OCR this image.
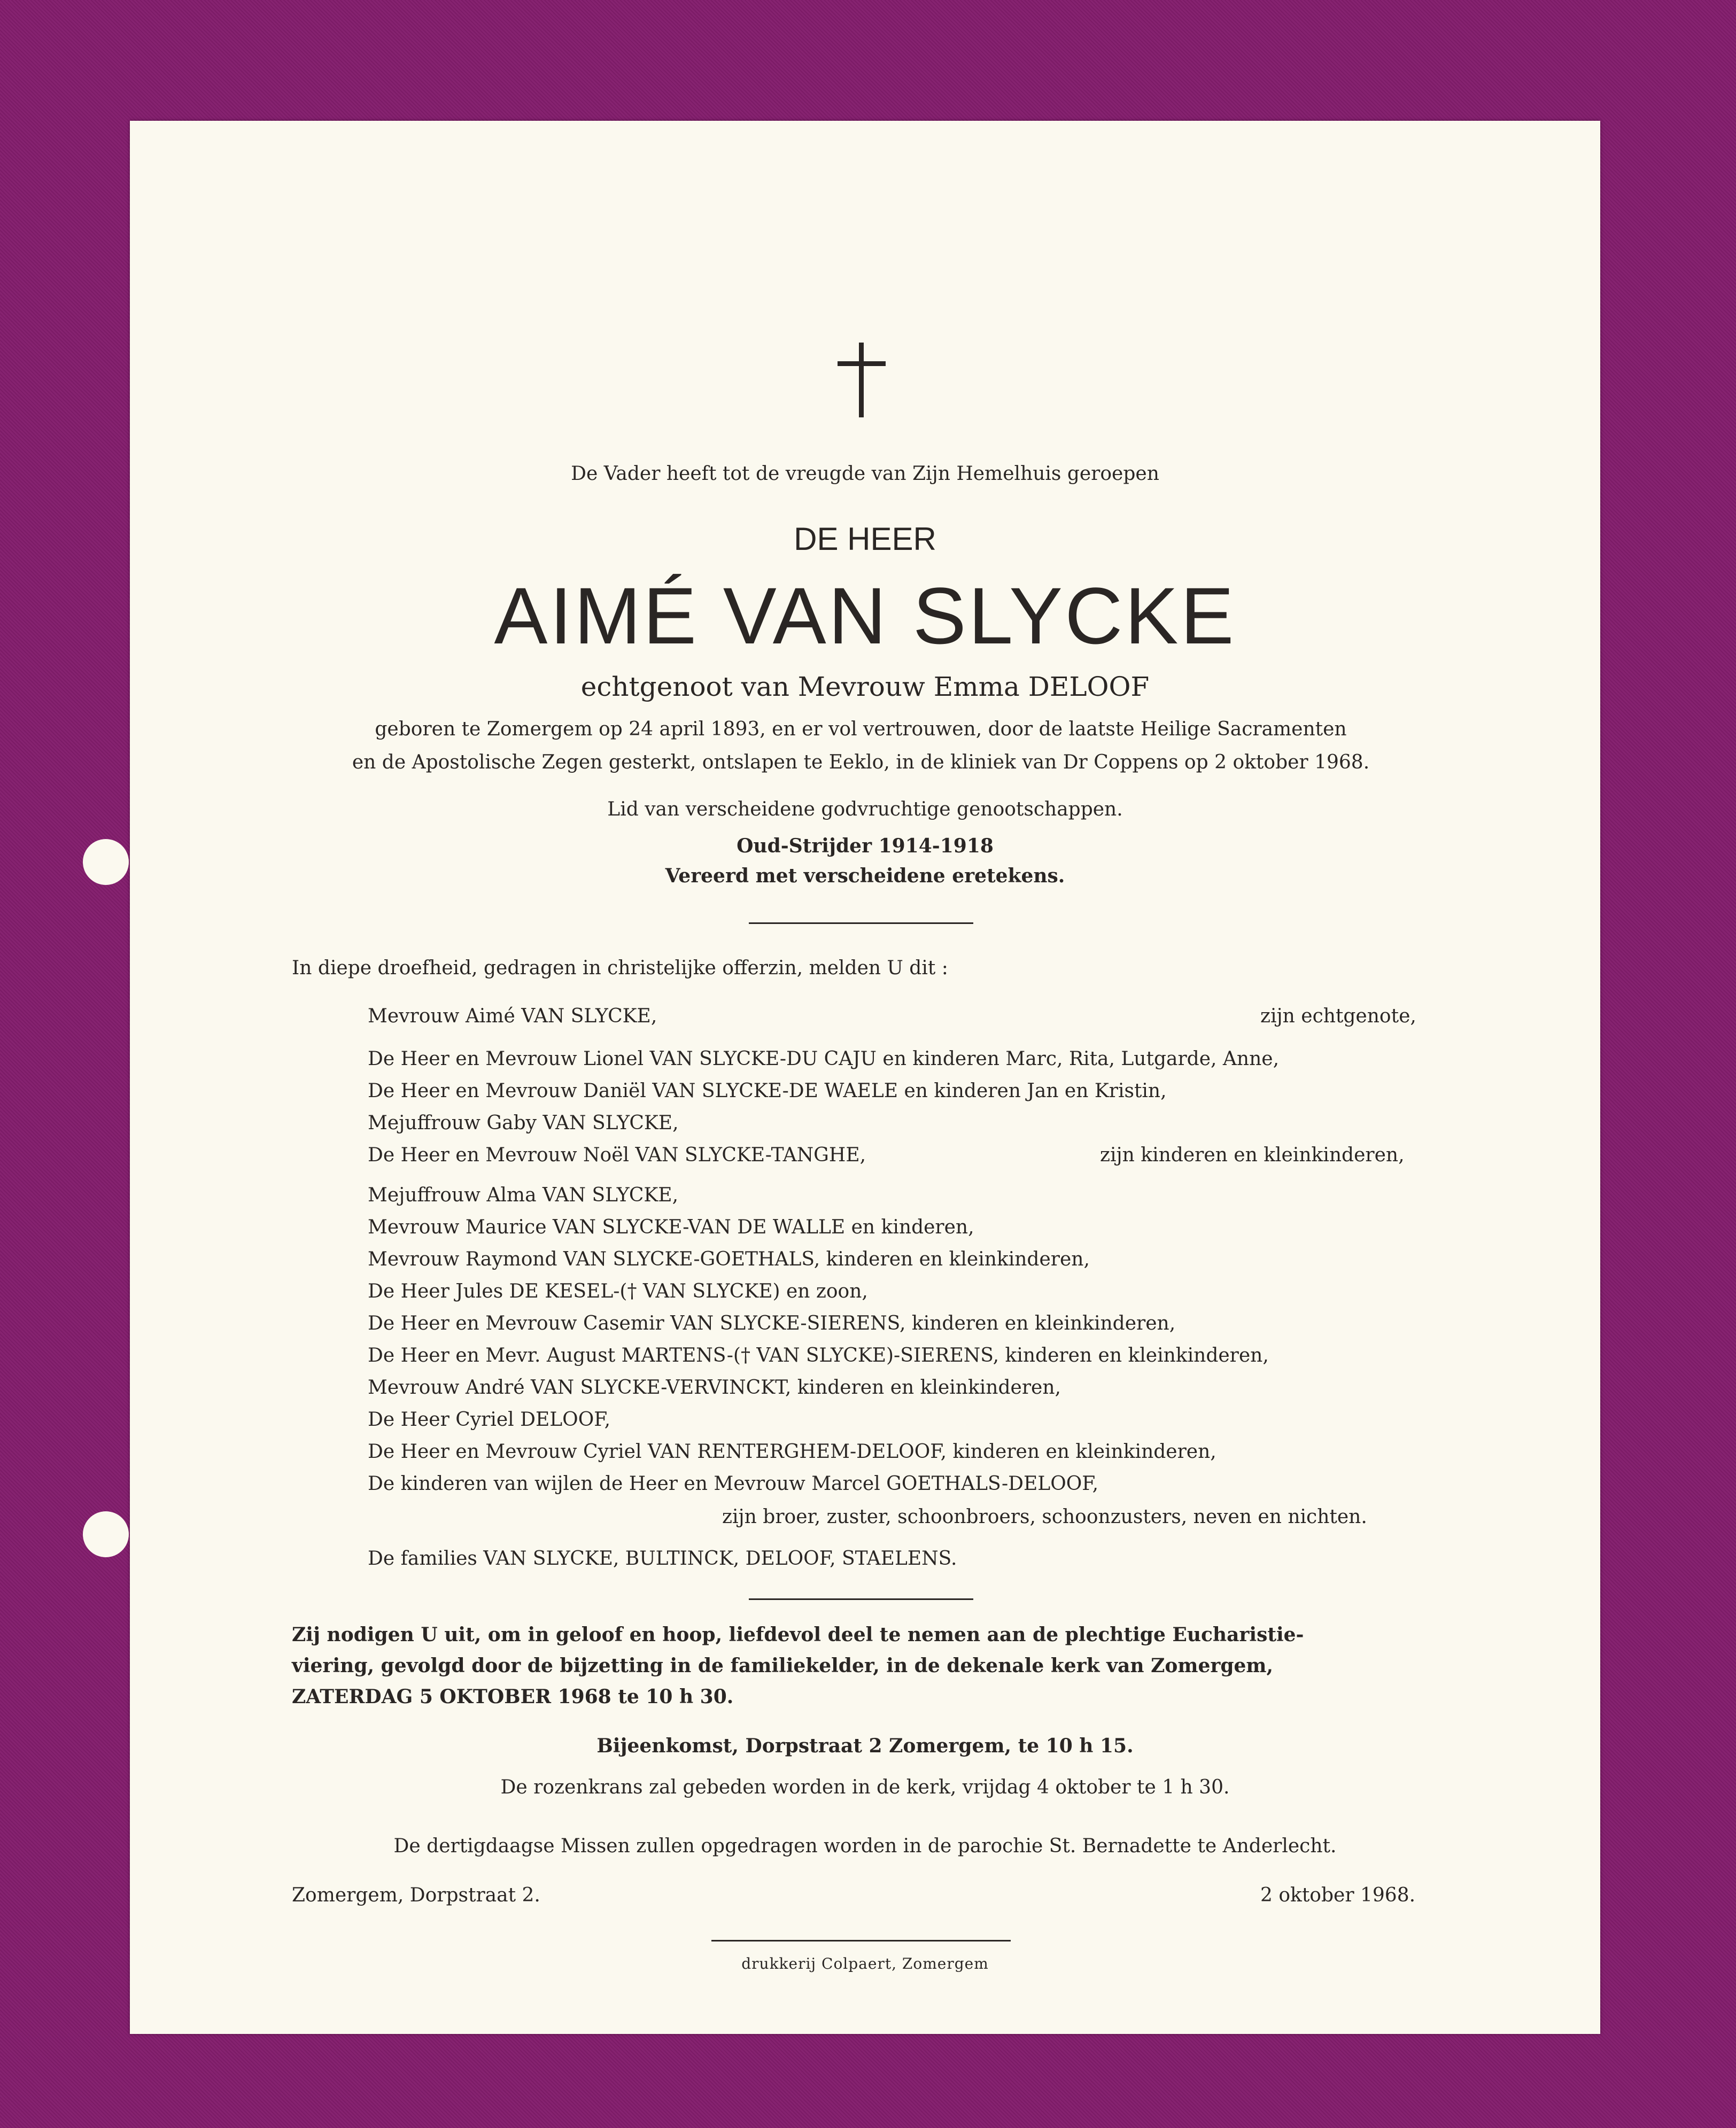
De Vader heeft tot de vreugde van Zijn Hemelhuis geroepen
DE HEER
AIMÉ VAN SLYCKE
echtgenoot van Mevrouw Emma DELOOF
geboren te Zomergem op 24 april 1893, en er vol vertrouwen, door de laatste Heilige Sacramenten
en de Apostolische Zegen gesterkt, ontslapen te Eeklo, in de kliniek van Dr Coppens op 2 oktober 1968.
Lid van verscheidene godvruchtige genootschappen.
Oud-Strijder 1914-1918
Vereerd met verscheidene eretekens.
In diepe droefheid, gedragen in christelijke offerzin, melden U dit :
Mevrouw Aimé VAN SLYCKE,	zijn echtgenote,
De Heer en Mevrouw Lionel VAN SLYCKE-DU CAJU en kinderen Marc, Rita, Lutgarde, Anne,
De Heer en Mevrouw Daniël VAN SLYCKE-DE WAELE en kinderen Jan en Kristin,
Mejuffrouw Gaby VAN SLYCKE,
De Heer en Mevrouw Noël VAN SLYCKE-TANGHE,	zijn kinderen en kleinkinderen,
Mejuffrouw Alma VAN SLYCKE,
Mevrouw Maurice VAN SLYCKE-VAN DE WALLE en kinderen,
Mevrouw Raymond VAN SLYCKE-GOETHALS, kinderen en kleinkinderen,
De Heer Jules DE KESEL-(† VAN SLYCKE) en zoon,
De Heer en Mevrouw Casemir VAN SLYCKE-SIERENS, kinderen en kleinkinderen,
De Heer en Mevr. August MARTENS-(† VAN SLYCKE)-SIERENS, kinderen en kleinkinderen,
Mevrouw André VAN SLYCKE-VERVINCKT, kinderen en kleinkinderen,
De Heer Cyriel DELOOF,
De Heer en Mevrouw Cyriel VAN RENTERGHEM-DELOOF, kinderen en kleinkinderen,
De kinderen van wijlen de Heer en Mevrouw Marcel GOETHALS-DELOOF,
zijn broer, zuster, schoonbroers, schoonzusters, neven en nichten.
De families VAN SLYCKE, BULTINCK, DELOOF, STAELENS.
Zij nodigen U uit, om in geloof en hoop, liefdevol deel te nemen aan de plechtige Eucharistie-
viering, gevolgd door de bijzetting in de familiekelder, in de dekenale kerk van Zomergem,
ZATERDAG 5 OKTOBER 1968 te 10 h 30.
Bijeenkomst, Dorpstraat 2 Zomergem, te 10 h 15.
De rozenkrans zal gebeden worden in de kerk, vrijdag 4 oktober te 1 h 30.
De dertigdaagse Missen zullen opgedragen worden in de parochie St. Bernadette te Anderlecht.
Zomergem, Dorpstraat 2.	2 oktober 1968.
drukkerij Colpaert, Zomergem
